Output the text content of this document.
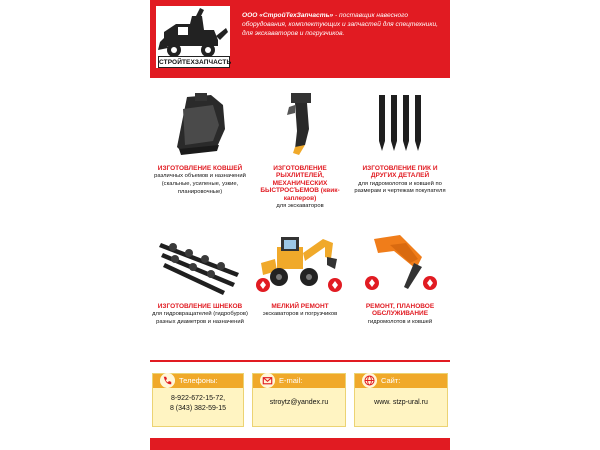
СТРОЙТЕХЗАПЧАСТЬ
ООО «СтройТехЗапчасть» - поставщик навесного оборудования, комплектующих и запчастей для спецтехники, для экскаваторов и погрузчиков.
ИЗГОТОВЛЕНИЕ КОВШЕЙ
различных объемов и назначений (скальные, усиленые, узкие, планировочные)
ИЗГОТОВЛЕНИЕ РЫХЛИТЕЛЕЙ, МЕХАНИЧЕСКИХ БЫСТРОСЪЕМОВ (квик-каплеров)
для экскаваторов
ИЗГОТОВЛЕНИЕ ПИК И ДРУГИХ ДЕТАЛЕЙ
для гидромолотов и ковшей по размерам и чертежам покупателя
ИЗГОТОВЛЕНИЕ ШНЕКОВ
для гидровращателей (гидробуров) разных диаметров и назначений
МЕЛКИЙ РЕМОНТ
экскаваторов и погрузчиков
РЕМОНТ, ПЛАНОВОЕ ОБСЛУЖИВАНИЕ
гидромолотов и ковшей
Телефоны:
8-922-672-15-72,
8 (343) 382-59-15
E-mail:
stroytz@yandex.ru
Сайт:
www. stzp-ural.ru
